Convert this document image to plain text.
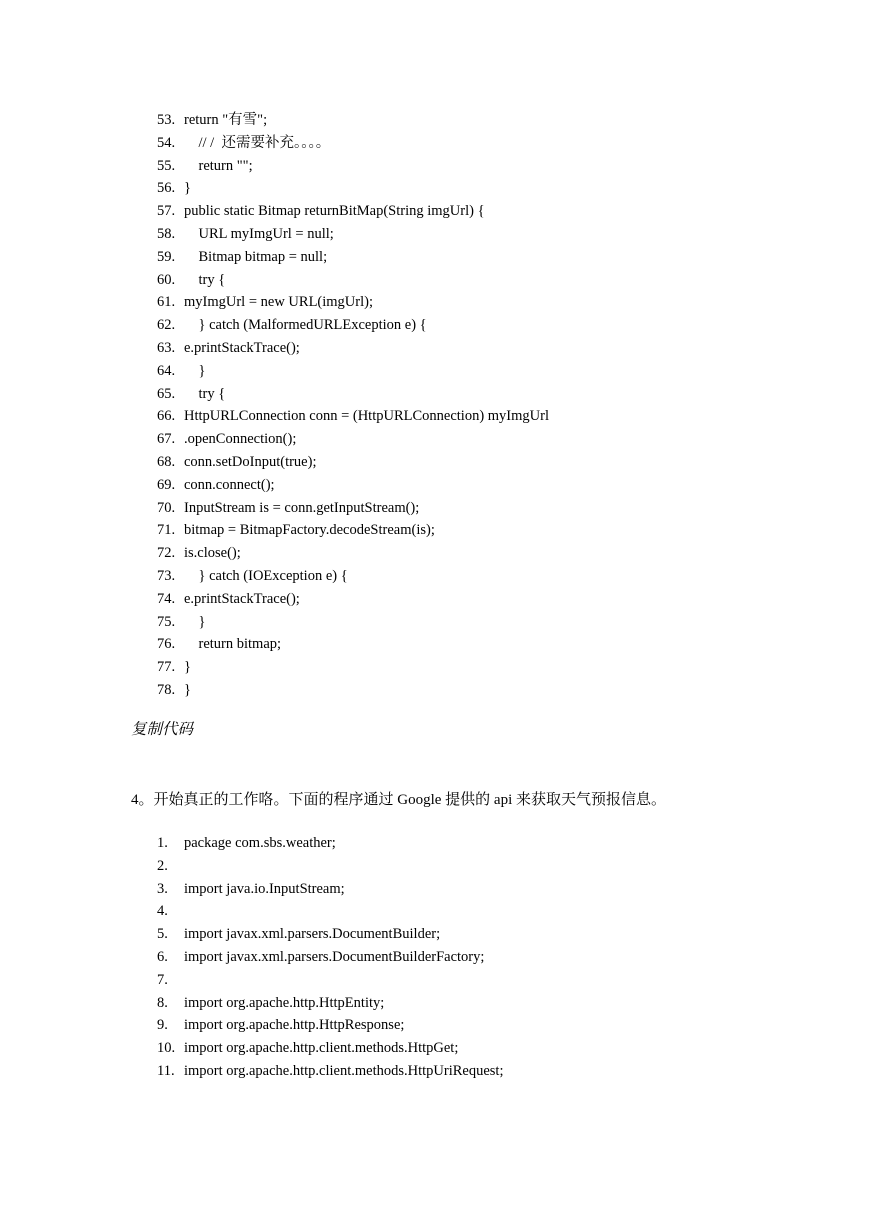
53. return "有雪";
54. // /  还需要补充。。。。
55. return "";
56. }
57. public static Bitmap returnBitMap(String imgUrl) {
58. URL myImgUrl = null;
59. Bitmap bitmap = null;
60. try {
61. myImgUrl = new URL(imgUrl);
62. } catch (MalformedURLException e) {
63. e.printStackTrace();
64. }
65. try {
66. HttpURLConnection conn = (HttpURLConnection) myImgUrl
67. .openConnection();
68. conn.setDoInput(true);
69. conn.connect();
70. InputStream is = conn.getInputStream();
71. bitmap = BitmapFactory.decodeStream(is);
72. is.close();
73. } catch (IOException e) {
74. e.printStackTrace();
75. }
76. return bitmap;
77. }
78. }
复制代码
4。开始真正的工作咯。下面的程序通过 Google 提供的 api 来获取天气预报信息。
1.	package com.sbs.weather;
2.
3.	import java.io.InputStream;
4.
5.	import javax.xml.parsers.DocumentBuilder;
6.	import javax.xml.parsers.DocumentBuilderFactory;
7.
8.	import org.apache.http.HttpEntity;
9.	import org.apache.http.HttpResponse;
10. import org.apache.http.client.methods.HttpGet;
11. import org.apache.http.client.methods.HttpUriRequest;
